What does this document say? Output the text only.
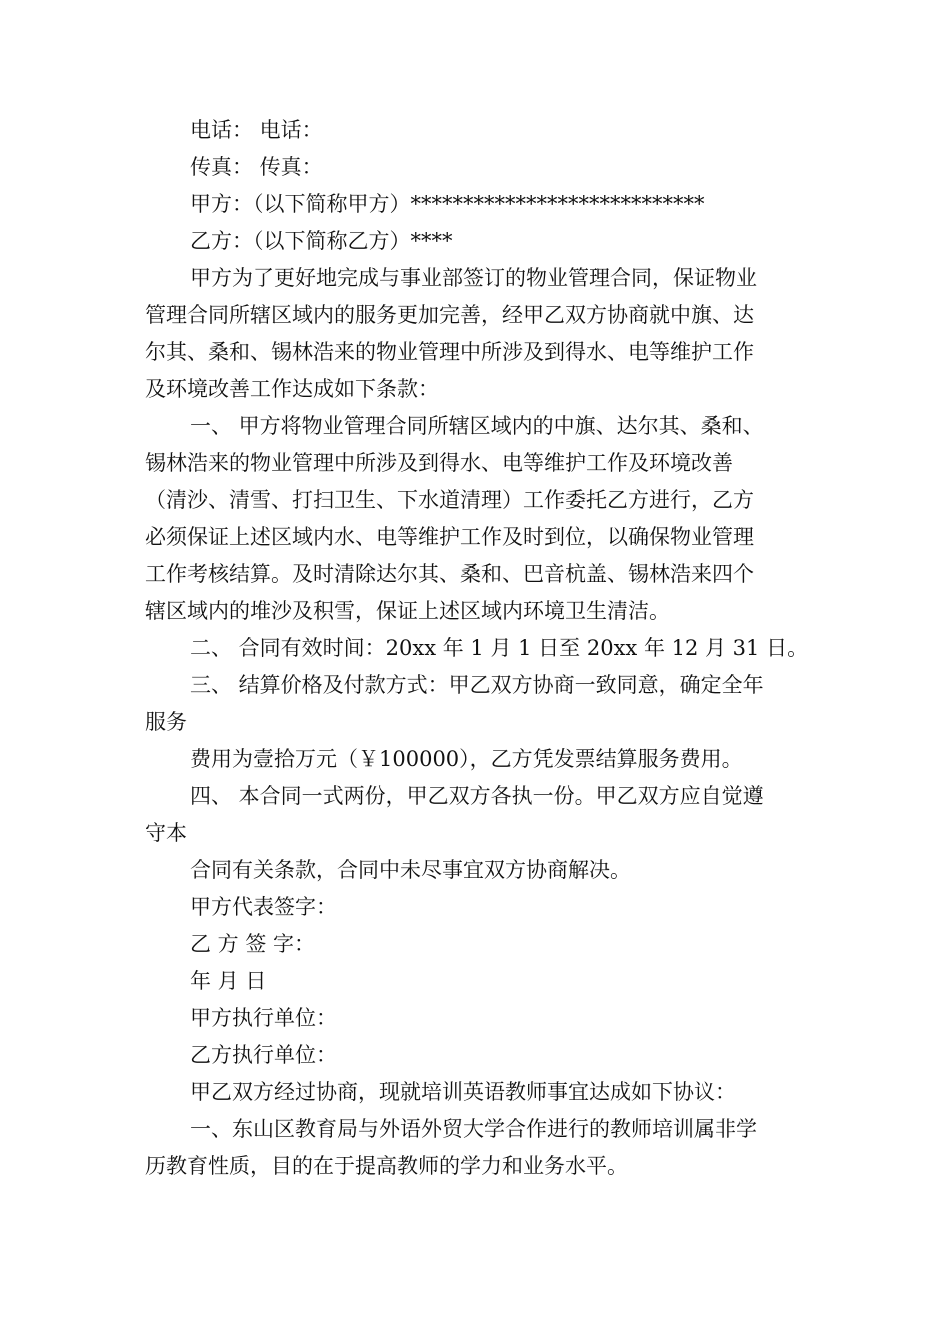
电话： 电话：
传真： 传真：
甲方：（以下简称甲方）****************************
乙方：（以下简称乙方）****
甲方为了更好地完成与事业部签订的物业管理合同，保证物业
管理合同所辖区域内的服务更加完善，经甲乙双方协商就中旗、达
尔其、桑和、锡林浩来的物业管理中所涉及到得水、电等维护工作
及环境改善工作达成如下条款：
一、 甲方将物业管理合同所辖区域内的中旗、达尔其、桑和、
锡林浩来的物业管理中所涉及到得水、电等维护工作及环境改善
（清沙、清雪、打扫卫生、下水道清理）工作委托乙方进行，乙方
必须保证上述区域内水、电等维护工作及时到位，以确保物业管理
工作考核结算。及时清除达尔其、桑和、巴音杭盖、锡林浩来四个
辖区域内的堆沙及积雪，保证上述区域内环境卫生清洁。
二、 合同有效时间：20xx 年 1 月 1 日至 20xx 年 12 月 31 日。
三、 结算价格及付款方式：甲乙双方协商一致同意，确定全年
服务
费用为壹拾万元（￥100000），乙方凭发票结算服务费用。
四、 本合同一式两份，甲乙双方各执一份。甲乙双方应自觉遵
守本
合同有关条款，合同中未尽事宜双方协商解决。
甲方代表签字：
乙 方 签 字：
年 月 日
甲方执行单位：
乙方执行单位：
甲乙双方经过协商，现就培训英语教师事宜达成如下协议：
一、东山区教育局与外语外贸大学合作进行的教师培训属非学
历教育性质，目的在于提高教师的学力和业务水平。
